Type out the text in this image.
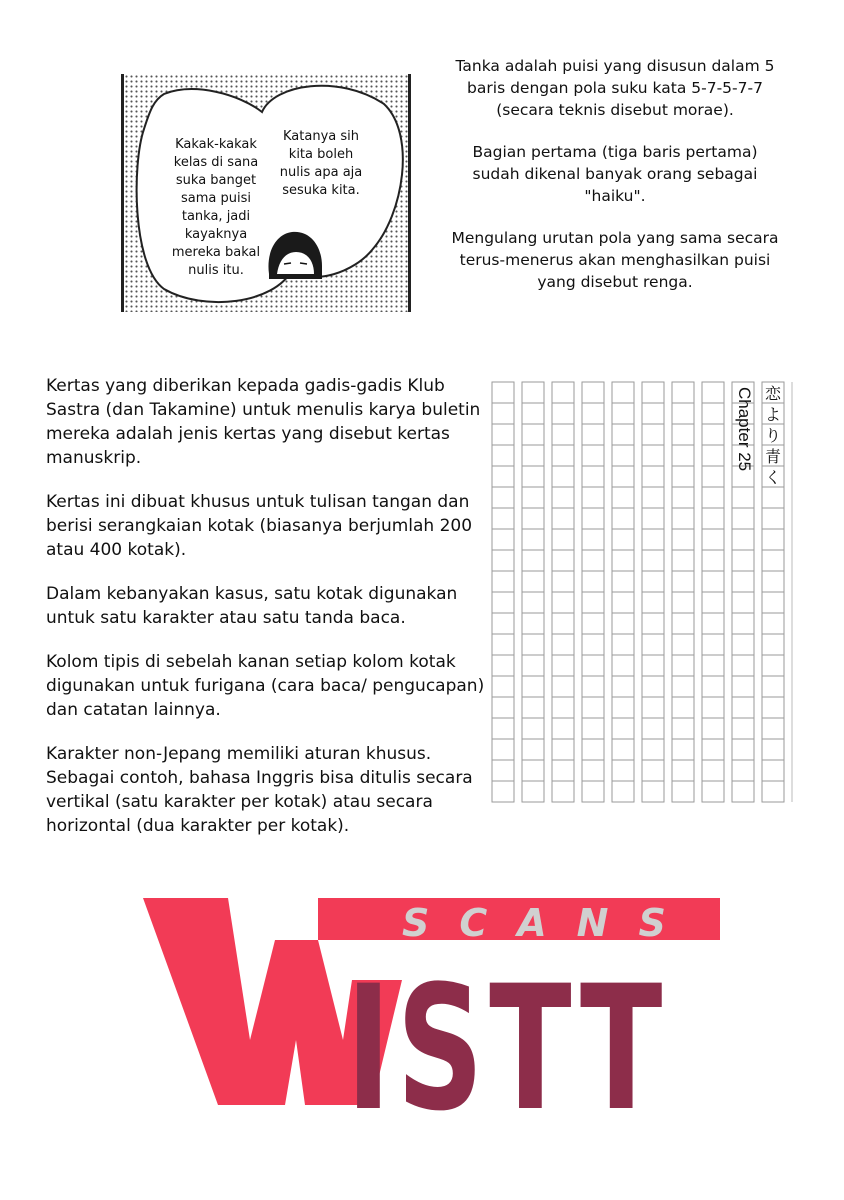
Kakak-kakak
kelas di sana
suka banget
sama puisi
tanka, jadi
kayaknya
mereka bakal
nulis itu.
Katanya sih
kita boleh
nulis apa aja
sesuka kita.

Tanka adalah puisi yang disusun dalam 5 baris dengan pola suku kata 5-7-5-7-7 (secara teknis disebut morae).

Bagian pertama (tiga baris pertama) sudah dikenal banyak orang sebagai "haiku".

Mengulang urutan pola yang sama secara terus-menerus akan menghasilkan puisi yang disebut renga.

Kertas yang diberikan kepada gadis-gadis Klub Sastra (dan Takamine) untuk menulis karya buletin mereka adalah jenis kertas yang disebut kertas manuskrip.

Kertas ini dibuat khusus untuk tulisan tangan dan berisi serangkaian kotak (biasanya berjumlah 200 atau 400 kotak).

Dalam kebanyakan kasus, satu kotak digunakan untuk satu karakter atau satu tanda baca.

Kolom tipis di sebelah kanan setiap kolom kotak digunakan untuk furigana (cara baca/ pengucapan) dan catatan lainnya.

Karakter non-Jepang memiliki aturan khusus. Sebagai contoh, bahasa Inggris bisa ditulis secara vertikal (satu karakter per kotak) atau secara horizontal (dua karakter per kotak).

恋
よ
り
青
く
Chapter 25
W
SCANS
ISTT
